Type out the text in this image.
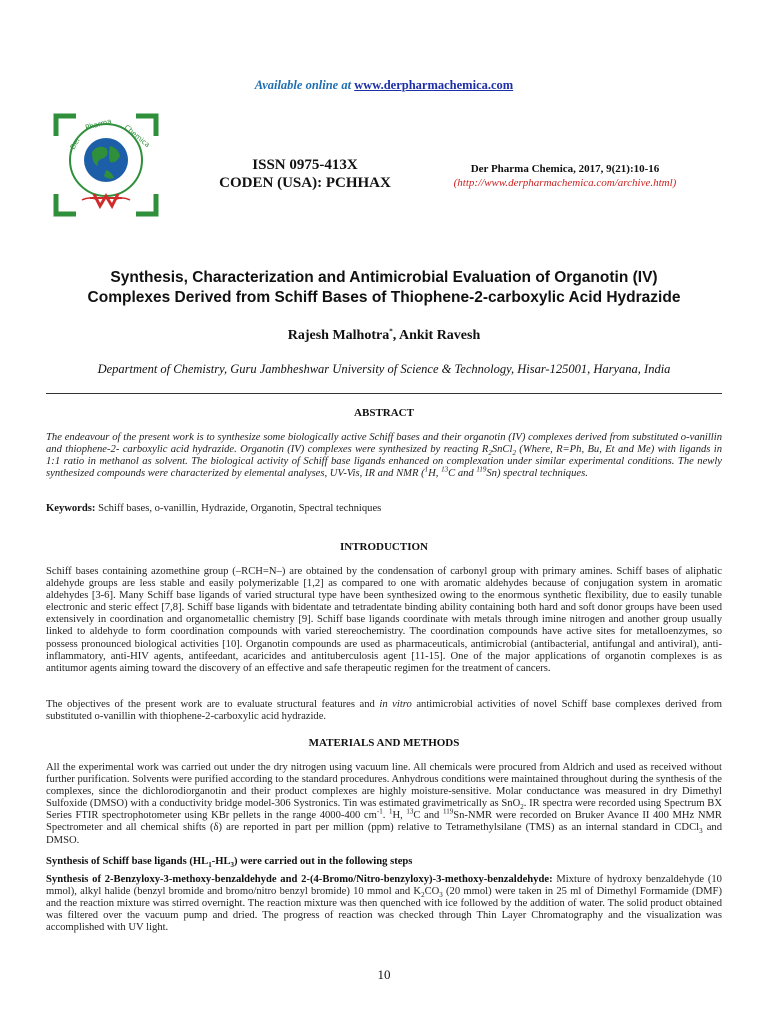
Available online at www.derpharmachemica.com
Der
Pharma Chemica
ISSN 0975-413X
CODEN (USA): PCHHAX
Der Pharma Chemica, 2017, 9(21):10-16
(http://www.derpharmachemica.com/archive.html)
Synthesis, Characterization and Antimicrobial Evaluation of Organotin (IV)
Complexes Derived from Schiff Bases of Thiophene-2-carboxylic Acid Hydrazide
Rajesh Malhotra*, Ankit Ravesh
Department of Chemistry, Guru Jambheshwar University of Science & Technology, Hisar-125001, Haryana, India
ABSTRACT
The endeavour of the present work is to synthesize some biologically active Schiff bases and their organotin (IV) complexes derived from substituted o-vanillin and thiophene-2- carboxylic acid hydrazide. Organotin (IV) complexes were synthesized by reacting $R_2SnCl_2$ (Where, R=Ph, Bu, Et and Me) with ligands in 1:1 ratio in methanol as solvent. The biological activity of Schiff base ligands enhanced on complexation under similar experimental conditions. The newly synthesized compounds were characterized by elemental analyses, UV-Vis, IR and NMR ($^1$H, $^{13}$C and $^{119}$Sn) spectral techniques.
Keywords: Schiff bases, o-vanillin, Hydrazide, Organotin, Spectral techniques
INTRODUCTION
Schiff bases containing azomethine group (–RCH=N–) are obtained by the condensation of carbonyl group with primary amines. Schiff bases of aliphatic aldehyde groups are less stable and easily polymerizable [1,2] as compared to one with aromatic aldehydes because of conjugation system in aromatic aldehydes [3-6]. Many Schiff base ligands of varied structural type have been synthesized owing to the enormous synthetic flexibility, due to easily tunable electronic and steric effect [7,8]. Schiff base ligands with bidentate and tetradentate binding ability containing both hard and soft donor groups have been used extensively in coordination and organometallic chemistry [9]. Schiff base ligands coordinate with metals through imine nitrogen and another group usually linked to aldehyde to form coordination compounds with varied stereochemistry. The coordination compounds have active sites for metalloenzymes, so possess pronounced biological activities [10]. Organotin compounds are used as pharmaceuticals, antimicrobial (antibacterial, antifungal and antiviral), anti-inflammatory, anti-HIV agents, antifeedant, acaricides and antituberculosis agent [11-15]. One of the major applications of organotin complexes is as antitumor agents aiming toward the discovery of an effective and safe therapeutic regimen for the treatment of cancers.
The objectives of the present work are to evaluate structural features and in vitro antimicrobial activities of novel Schiff base complexes derived from substituted o-vanillin with thiophene-2-carboxylic acid hydrazide.
MATERIALS AND METHODS
All the experimental work was carried out under the dry nitrogen using vacuum line. All chemicals were procured from Aldrich and used as received without further purification. Solvents were purified according to the standard procedures. Anhydrous conditions were maintained throughout during the synthesis of the complexes, since the dichlorodiorganotin and their product complexes are highly moisture-sensitive. Molar conductance was measured in dry Dimethyl Sulfoxide (DMSO) with a conductivity bridge model-306 Systronics. Tin was estimated gravimetrically as SnO$_2$. IR spectra were recorded using Spectrum BX Series FTIR spectrophotometer using KBr pellets in the range 4000-400 $cm^{-1}$. $^1$H, $^{13}$C and $^{119}$Sn-NMR were recorded on Bruker Avance II 400 MHz NMR Spectrometer and all chemical shifts (δ) are reported in part per million (ppm) relative to Tetramethylsilane (TMS) as an internal standard in CDCl$_3$ and DMSO.
Synthesis of Schiff base ligands $(HL_1-HL_3)$ were carried out in the following steps
Synthesis of 2-Benzyloxy-3-methoxy-benzaldehyde and 2-(4-Bromo/Nitro-benzyloxy)-3-methoxy-benzaldehyde: Mixture of hydroxy benzaldehyde (10 mmol), alkyl halide (benzyl bromide and bromo/nitro benzyl bromide) 10 mmol and $K_2CO_3$ (20 mmol) were taken in 25 ml of Dimethyl Formamide (DMF) and the reaction mixture was stirred overnight. The reaction mixture was then quenched with ice followed by the addition of water. The solid product obtained was filtered over the vacuum pump and dried. The progress of reaction was checked through Thin Layer Chromatography and the visualization was accomplished with UV light.
10
